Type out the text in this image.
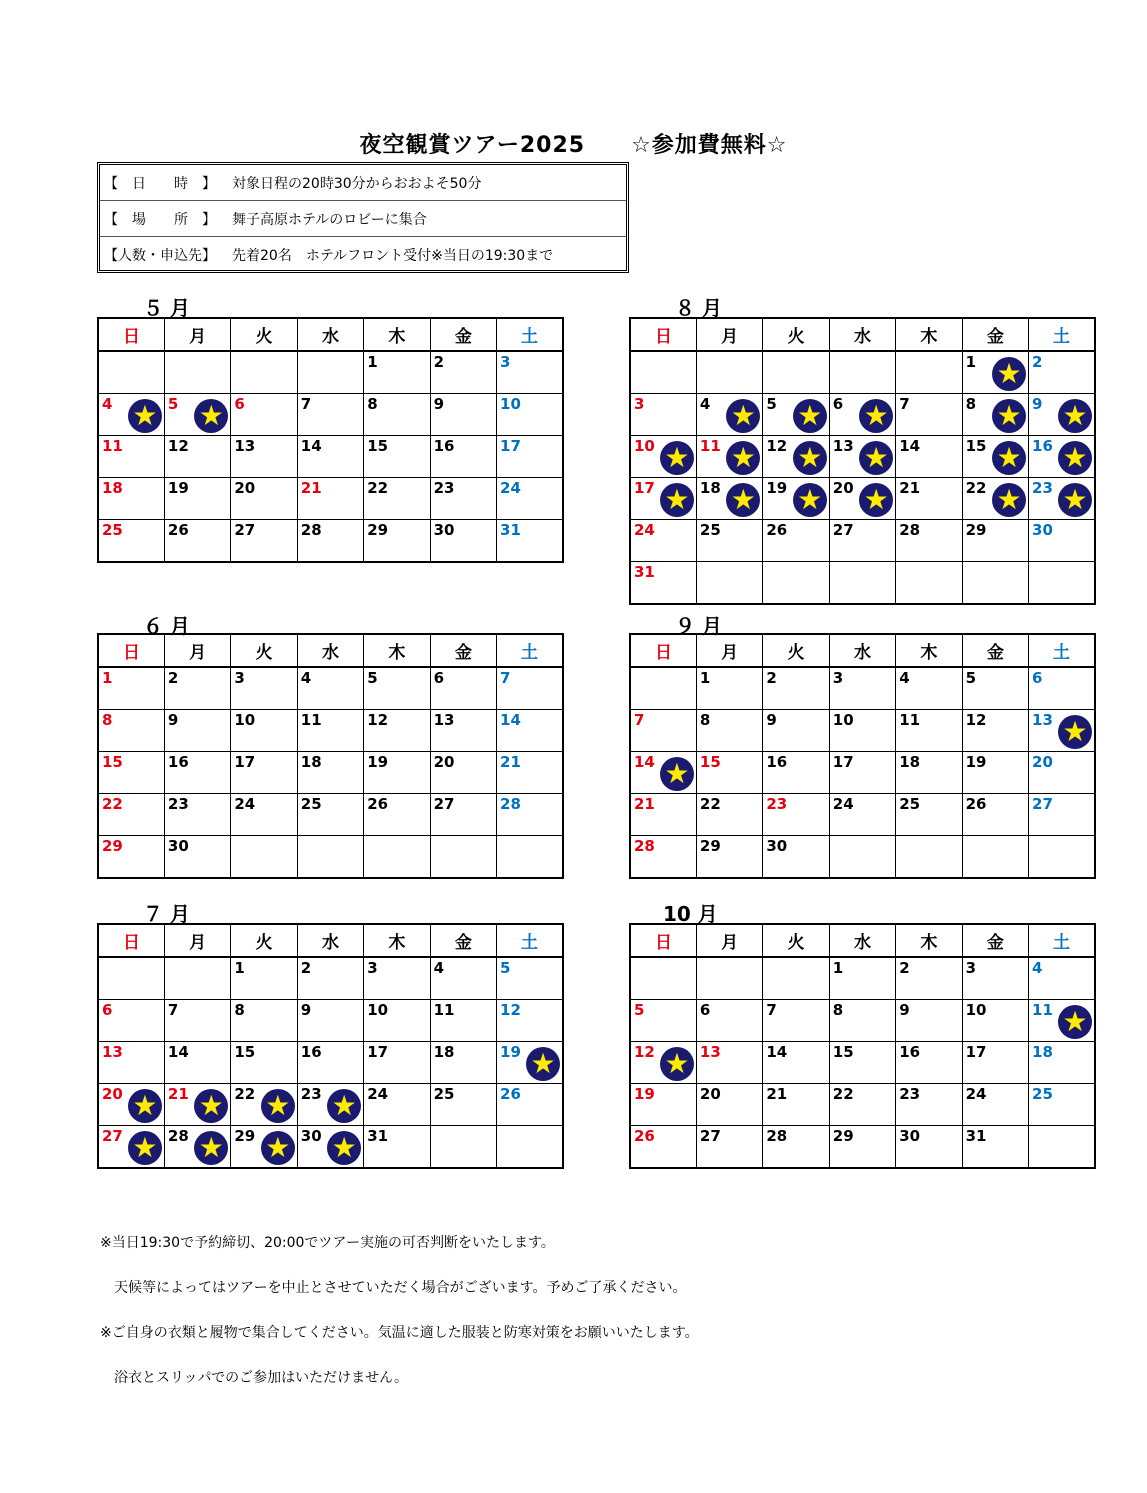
夜空観賞ツアー2025 ☆参加費無料☆
【　日　　時　】	対象日程の20時30分からおおよそ50分
【　場　　所　】	舞子高原ホテルのロビーに集合
【人数・申込先】	先着20名　ホテルフロント受付※当日の19:30まで
５ 月
日	月	火	水	木	金	土

				1	2	3

4 ★	5 ★	6	7	8	9	10

11	12	13	14	15	16	17

18	19	20	21	22	23	24

25	26	27	28	29	30	31
８ 月
日	月	火	水	木	金	土

					1 ★	2

3	4 ★	5 ★	6 ★	7	8 ★	9 ★

10 ★	11 ★	12 ★	13 ★	14	15 ★	16 ★

17 ★	18 ★	19 ★	20 ★	21	22 ★	23 ★

24	25	26	27	28	29	30

31						

６ 月
日	月	火	水	木	金	土

1	2	3	4	5	6	7

8	9	10	11	12	13	14

15	16	17	18	19	20	21

22	23	24	25	26	27	28

29	30					

９ 月
日	月	火	水	木	金	土

	1	2	3	4	5	6

7	8	9	10	11	12	13 ★

14 ★	15	16	17	18	19	20

21	22	23	24	25	26	27

28	29	30				

７ 月
日	月	火	水	木	金	土

		1	2	3	4	5

6	7	8	9	10	11	12

13	14	15	16	17	18	19 ★

20 ★	21 ★	22 ★	23 ★	24	25	26

27 ★	28 ★	29 ★	30 ★	31		

10 月
日	月	火	水	木	金	土

			1	2	3	4

5	6	7	8	9	10	11 ★

12 ★	13	14	15	16	17	18

19	20	21	22	23	24	25

26	27	28	29	30	31	

※当日19:30で予約締切、20:00でツアー実施の可否判断をいたします。

　天候等によってはツアーを中止とさせていただく場合がございます。予めご了承ください。

※ご自身の衣類と履物で集合してください。気温に適した服装と防寒対策をお願いいたします。

　浴衣とスリッパでのご参加はいただけません。
